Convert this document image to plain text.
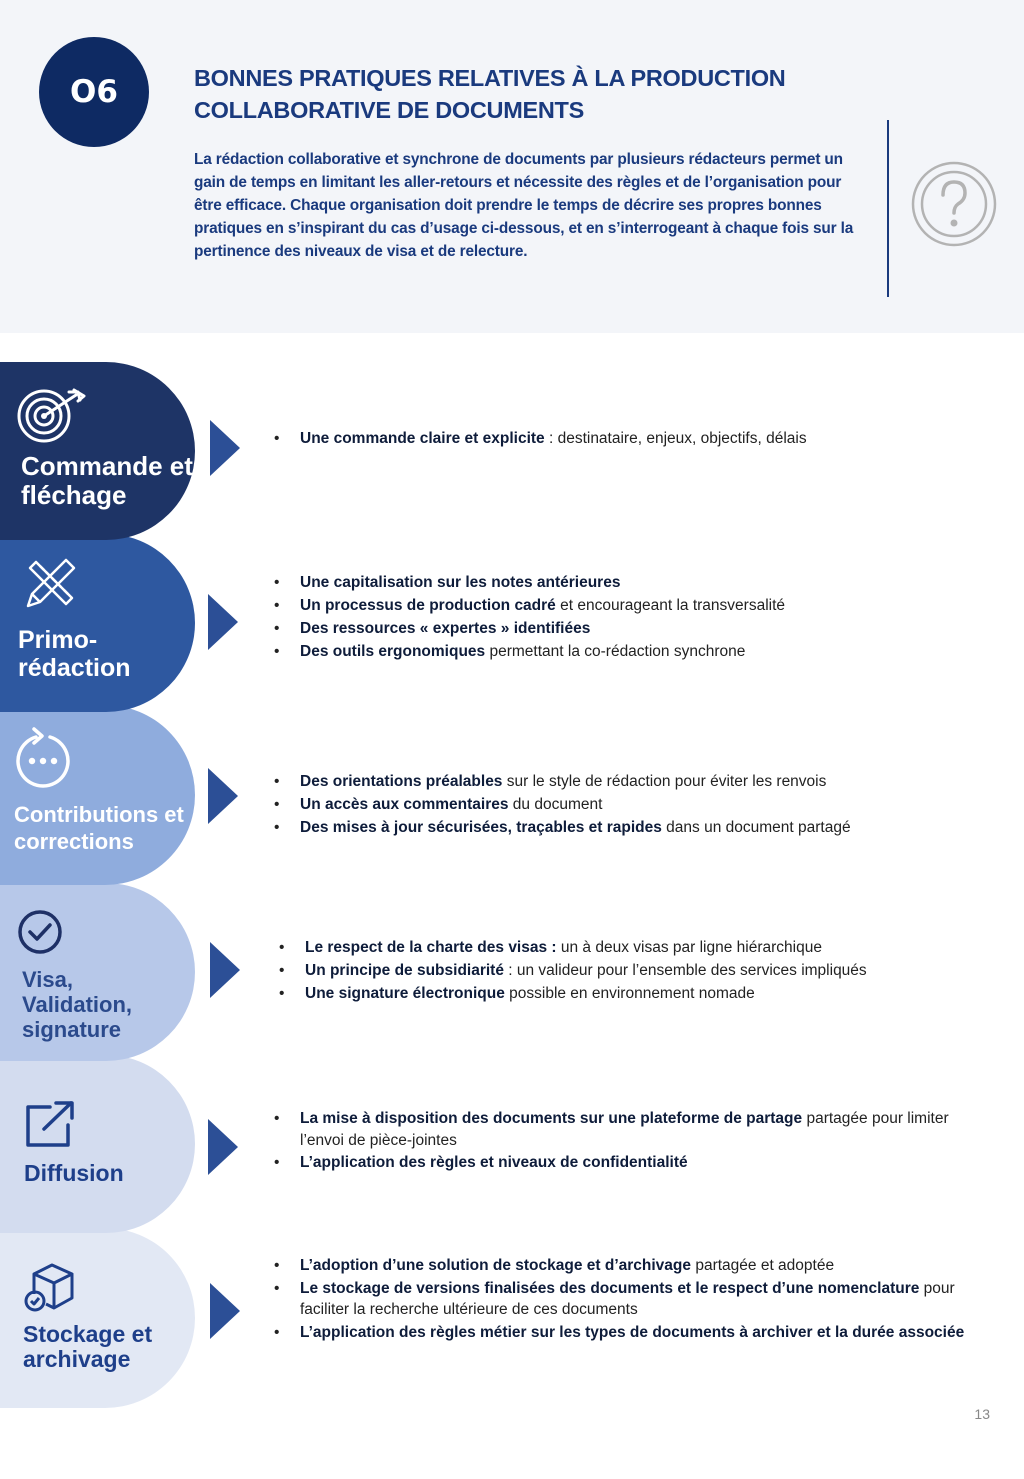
O6	BONNES PRATIQUES RELATIVES À LA PRODUCTION
COLLABORATIVE DE DOCUMENTS

La rédaction collaborative et synchrone de documents par plusieurs rédacteurs permet un gain de temps en limitant les aller-retours et nécessite des règles et de l’organisation pour être efficace. Chaque organisation doit prendre le temps de décrire ses propres bonnes pratiques en s’inspirant du cas d’usage ci-dessous, et en s’interrogeant à chaque fois sur la pertinence des niveaux de visa et de relecture.

Stockage et archivage

Diffusion

Visa, Validation, signature

Contributions et corrections

Primo-rédaction

Commande et fléchage

• Une commande claire et explicite : destinataire, enjeux, objectifs, délais
• Une capitalisation sur les notes antérieures
• Un processus de production cadré et encourageant la transversalité
• Des ressources « expertes » identifiées
• Des outils ergonomiques permettant la co-rédaction synchrone
• Des orientations préalables sur le style de rédaction pour éviter les renvois
• Un accès aux commentaires du document
• Des mises à jour sécurisées, traçables et rapides dans un document partagé
• Le respect de la charte des visas : un à deux visas par ligne hiérarchique
• Un principe de subsidiarité : un valideur pour l’ensemble des services impliqués
• Une signature électronique possible en environnement nomade
• La mise à disposition des documents sur une plateforme de partage partagée pour limiter l’envoi de pièce-jointes
• L’application des règles et niveaux de confidentialité
• L’adoption d’une solution de stockage et d’archivage partagée et adoptée
• Le stockage de versions finalisées des documents et le respect d’une nomenclature pour faciliter la recherche ultérieure de ces documents
• L’application des règles métier sur les types de documents à archiver et la durée associée
13
